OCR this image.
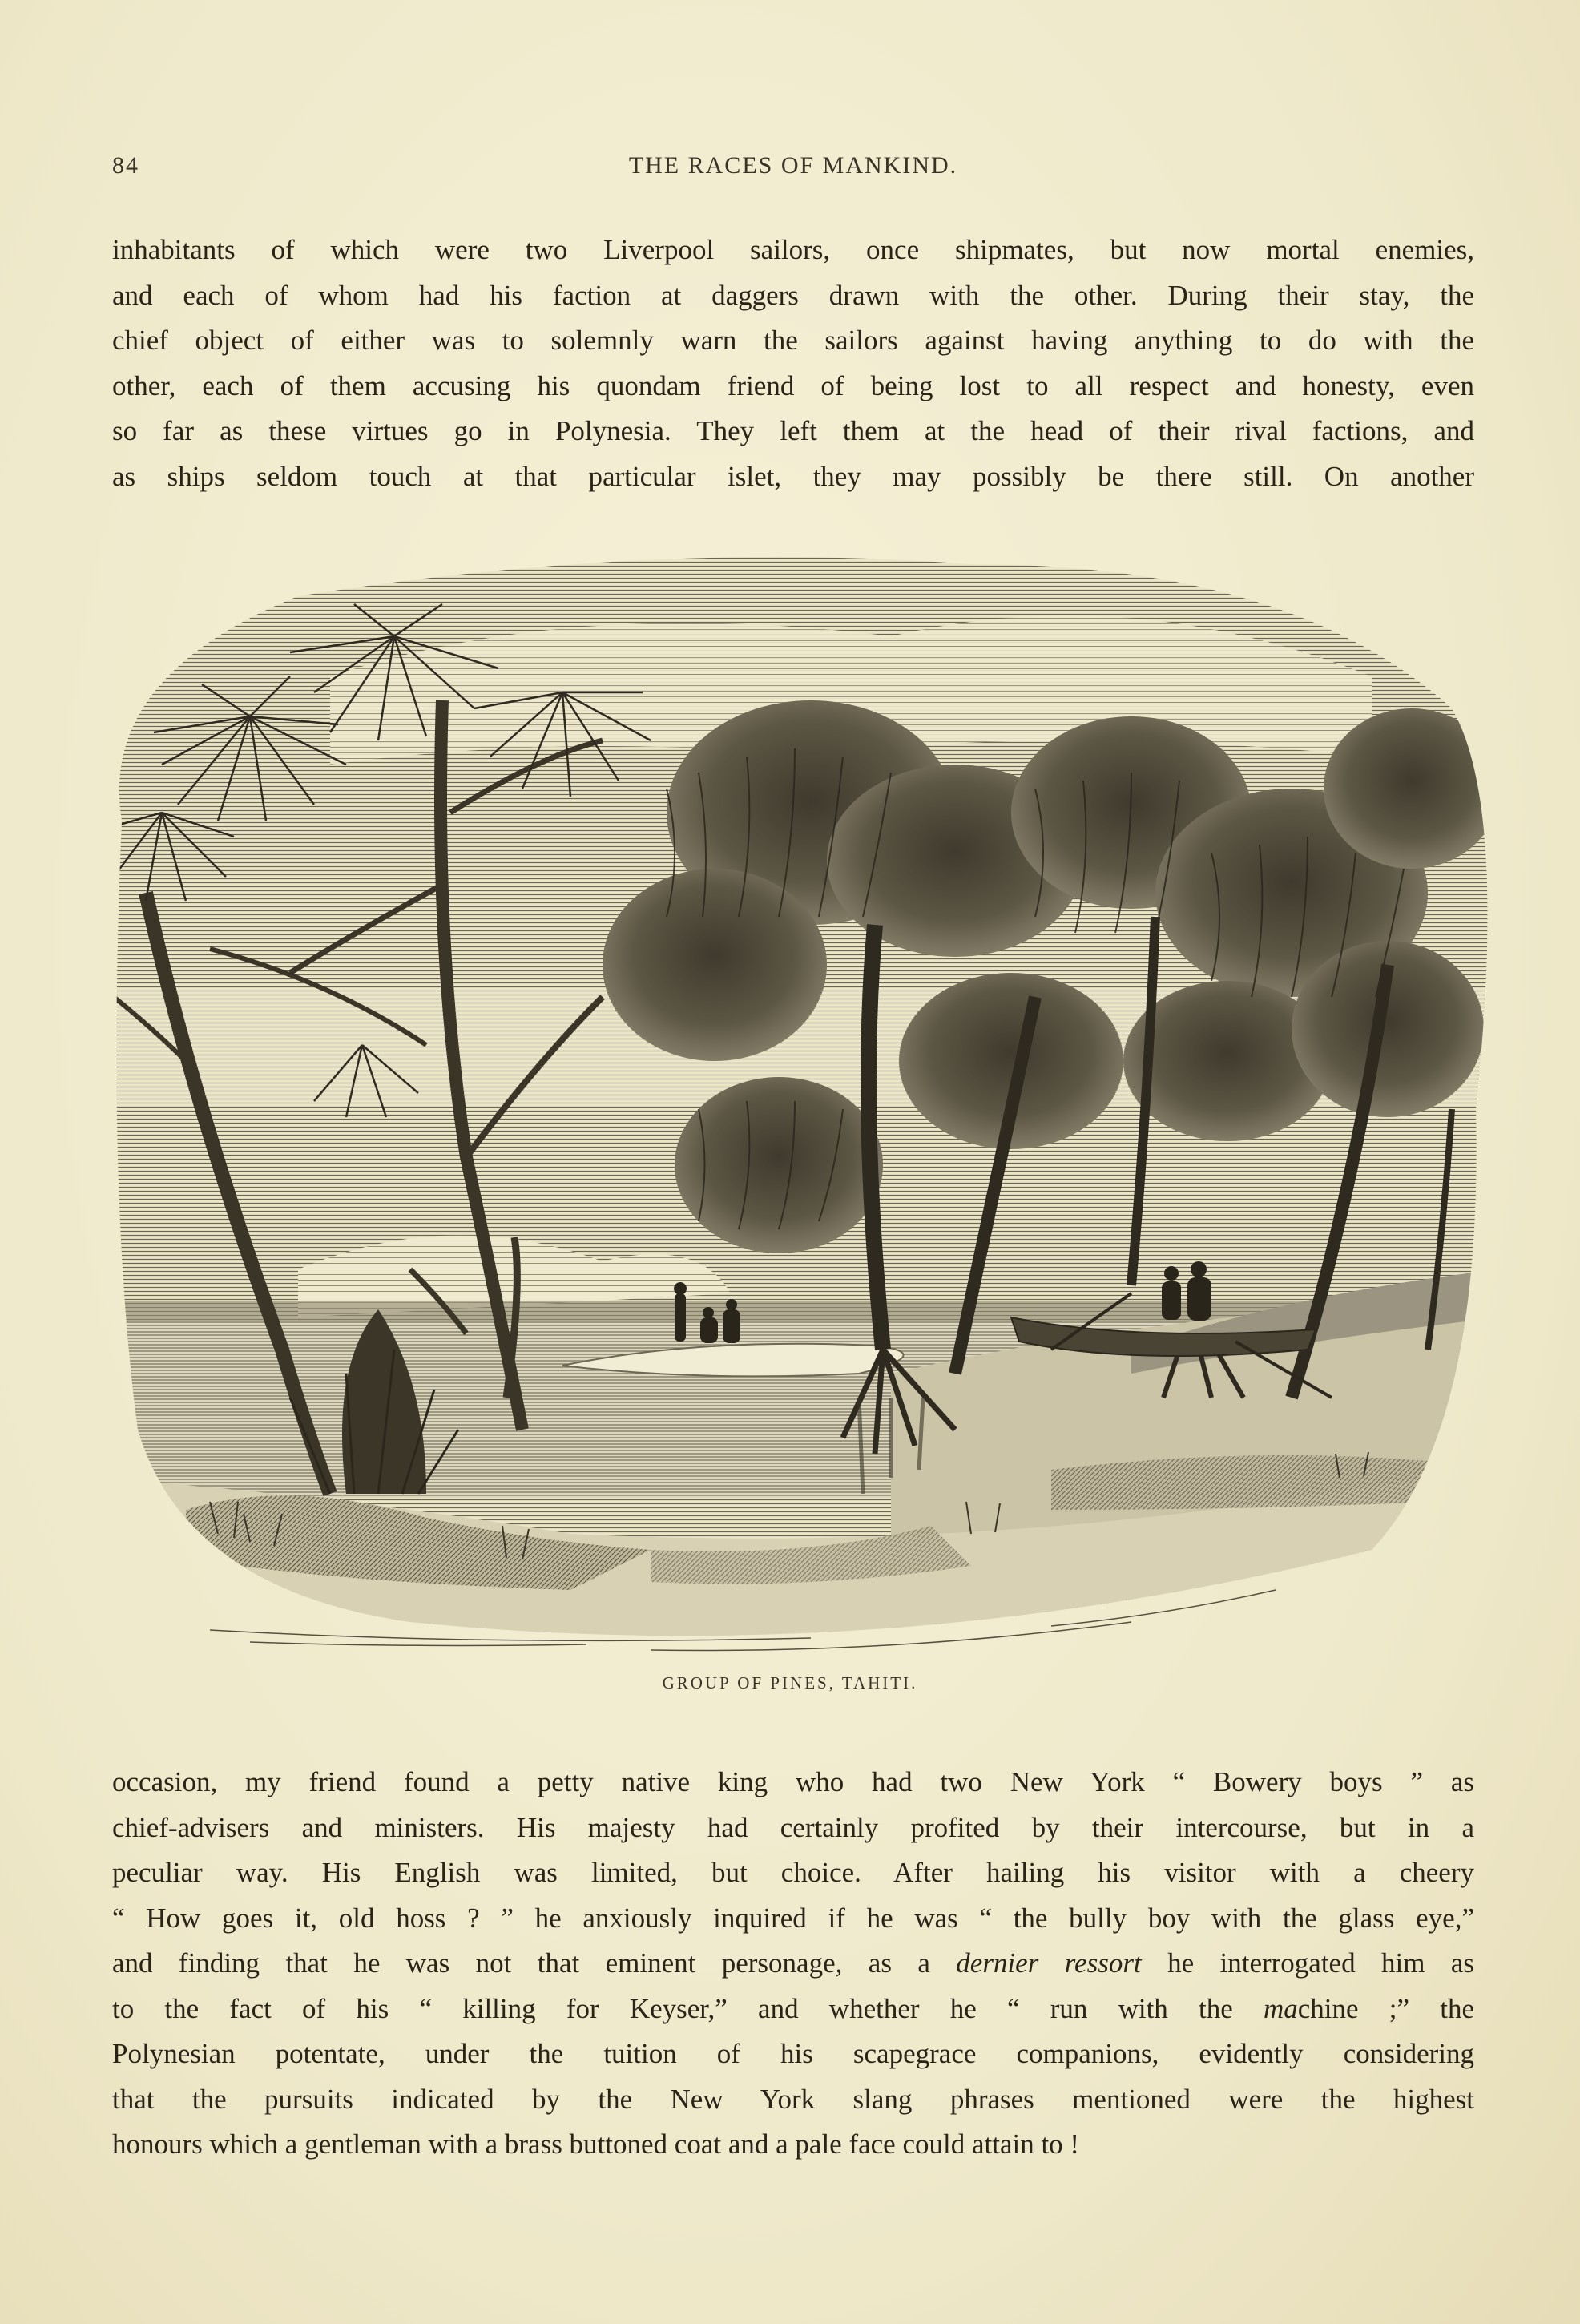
84	THE RACES OF MANKIND.
inhabitants of which were two Liverpool sailors, once shipmates, but now mortal enemies,
and each of whom had his faction at daggers drawn with the other. During their stay, the
chief object of either was to solemnly warn the sailors against having anything to do with the
other, each of them accusing his quondam friend of being lost to all respect and honesty, even
so far as these virtues go in Polynesia. They left them at the head of their rival factions, and
as ships seldom touch at that particular islet, they may possibly be there still. On another
GROUP OF PINES, TAHITI.
occasion, my friend found a petty native king who had two New York “ Bowery boys ” as
chief-advisers and ministers. His majesty had certainly profited by their intercourse, but in a
peculiar way. His English was limited, but choice. After hailing his visitor with a cheery
“ How goes it, old hoss ? ” he anxiously inquired if he was “ the bully boy with the glass eye,”
and finding that he was not that eminent personage, as a dernier ressort he interrogated him as
to the fact of his “ killing for Keyser,” and whether he “ run with the machine ;” the
Polynesian potentate, under the tuition of his scapegrace companions, evidently considering
that the pursuits indicated by the New York slang phrases mentioned were the highest
honours which a gentleman with a brass buttoned coat and a pale face could attain to !
